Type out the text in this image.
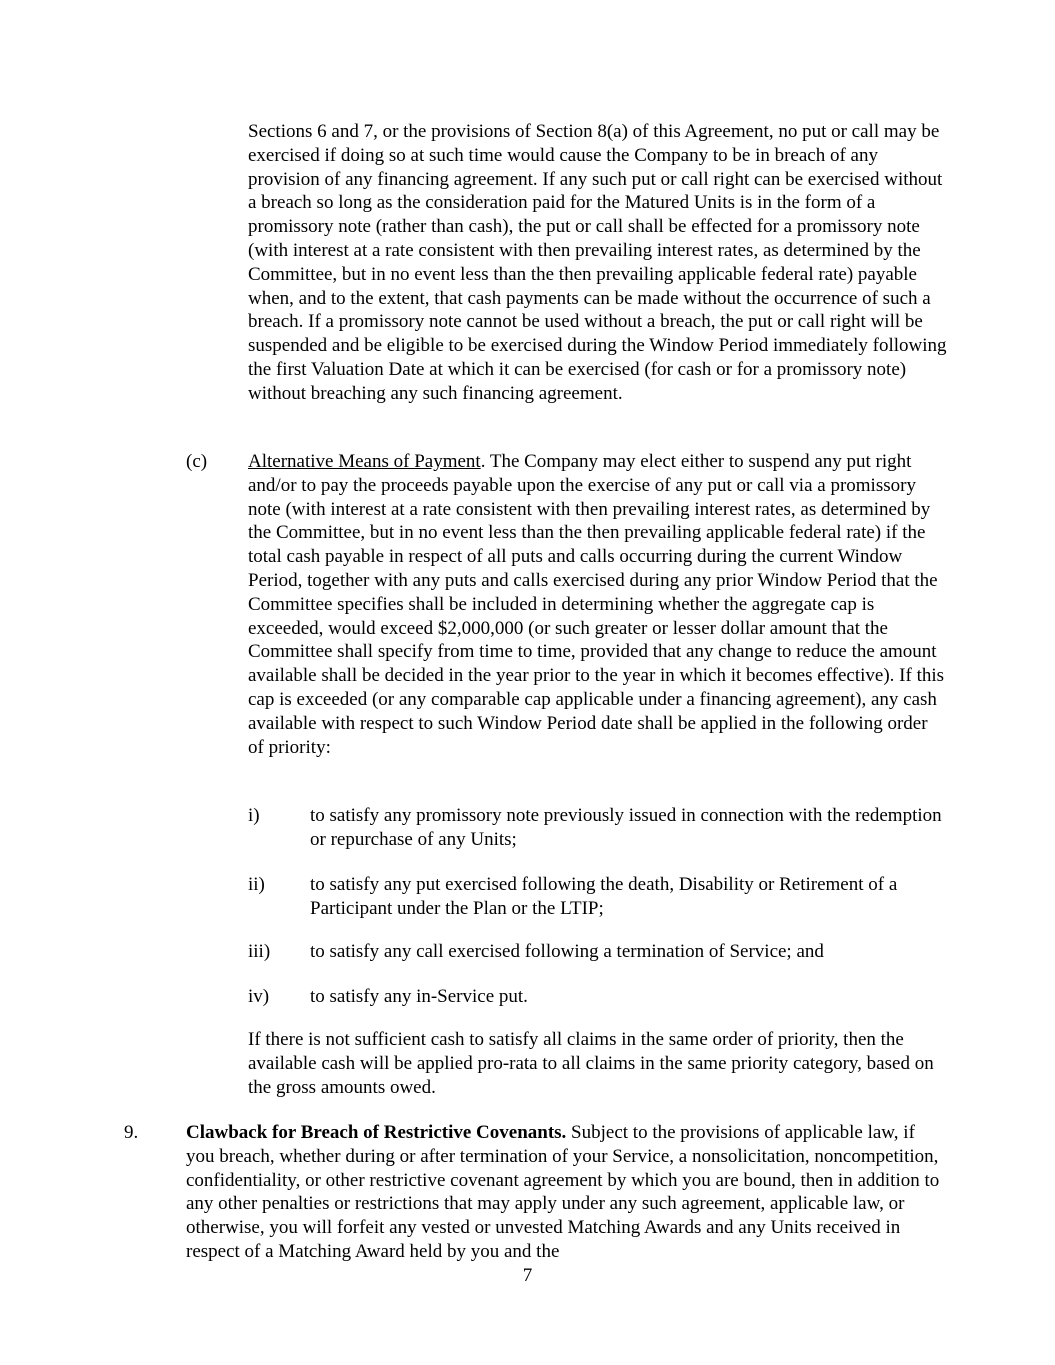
Sections 6 and 7, or the provisions of Section 8(a) of this Agreement, no put or call may be exercised if doing so at such time would cause the Company to be in breach of any provision of any financing agreement. If any such put or call right can be exercised without a breach so long as the consideration paid for the Matured Units is in the form of a promissory note (rather than cash), the put or call shall be effected for a promissory note (with interest at a rate consistent with then prevailing interest rates, as determined by the Committee, but in no event less than the then prevailing applicable federal rate) payable when, and to the extent, that cash payments can be made without the occurrence of such a breach. If a promissory note cannot be used without a breach, the put or call right will be suspended and be eligible to be exercised during the Window Period immediately following the first Valuation Date at which it can be exercised (for cash or for a promissory note) without breaching any such financing agreement.

(c) Alternative Means of Payment. The Company may elect either to suspend any put right and/or to pay the proceeds payable upon the exercise of any put or call via a promissory note (with interest at a rate consistent with then prevailing interest rates, as determined by the Committee, but in no event less than the then prevailing applicable federal rate) if the total cash payable in respect of all puts and calls occurring during the current Window Period, together with any puts and calls exercised during any prior Window Period that the Committee specifies shall be included in determining whether the aggregate cap is exceeded, would exceed $2,000,000 (or such greater or lesser dollar amount that the Committee shall specify from time to time, provided that any change to reduce the amount available shall be decided in the year prior to the year in which it becomes effective). If this cap is exceeded (or any comparable cap applicable under a financing agreement), any cash available with respect to such Window Period date shall be applied in the following order of priority:

i)	to satisfy any promissory note previously issued in connection with the redemption or repurchase of any Units;
ii) to satisfy any put exercised following the death, Disability or Retirement of a Participant under the Plan or the LTIP;
iii) to satisfy any call exercised following a termination of Service; and
iv) to satisfy any in-Service put.

If there is not sufficient cash to satisfy all claims in the same order of priority, then the available cash will be applied pro-rata to all claims in the same priority category, based on the gross amounts owed.

9.	Clawback for Breach of Restrictive Covenants. Subject to the provisions of applicable law, if you breach, whether during or after termination of your Service, a nonsolicitation, noncompetition, confidentiality, or other restrictive covenant agreement by which you are bound, then in addition to any other penalties or restrictions that may apply under any such agreement, applicable law, or otherwise, you will forfeit any vested or unvested Matching Awards and any Units received in respect of a Matching Award held by you and the

7
